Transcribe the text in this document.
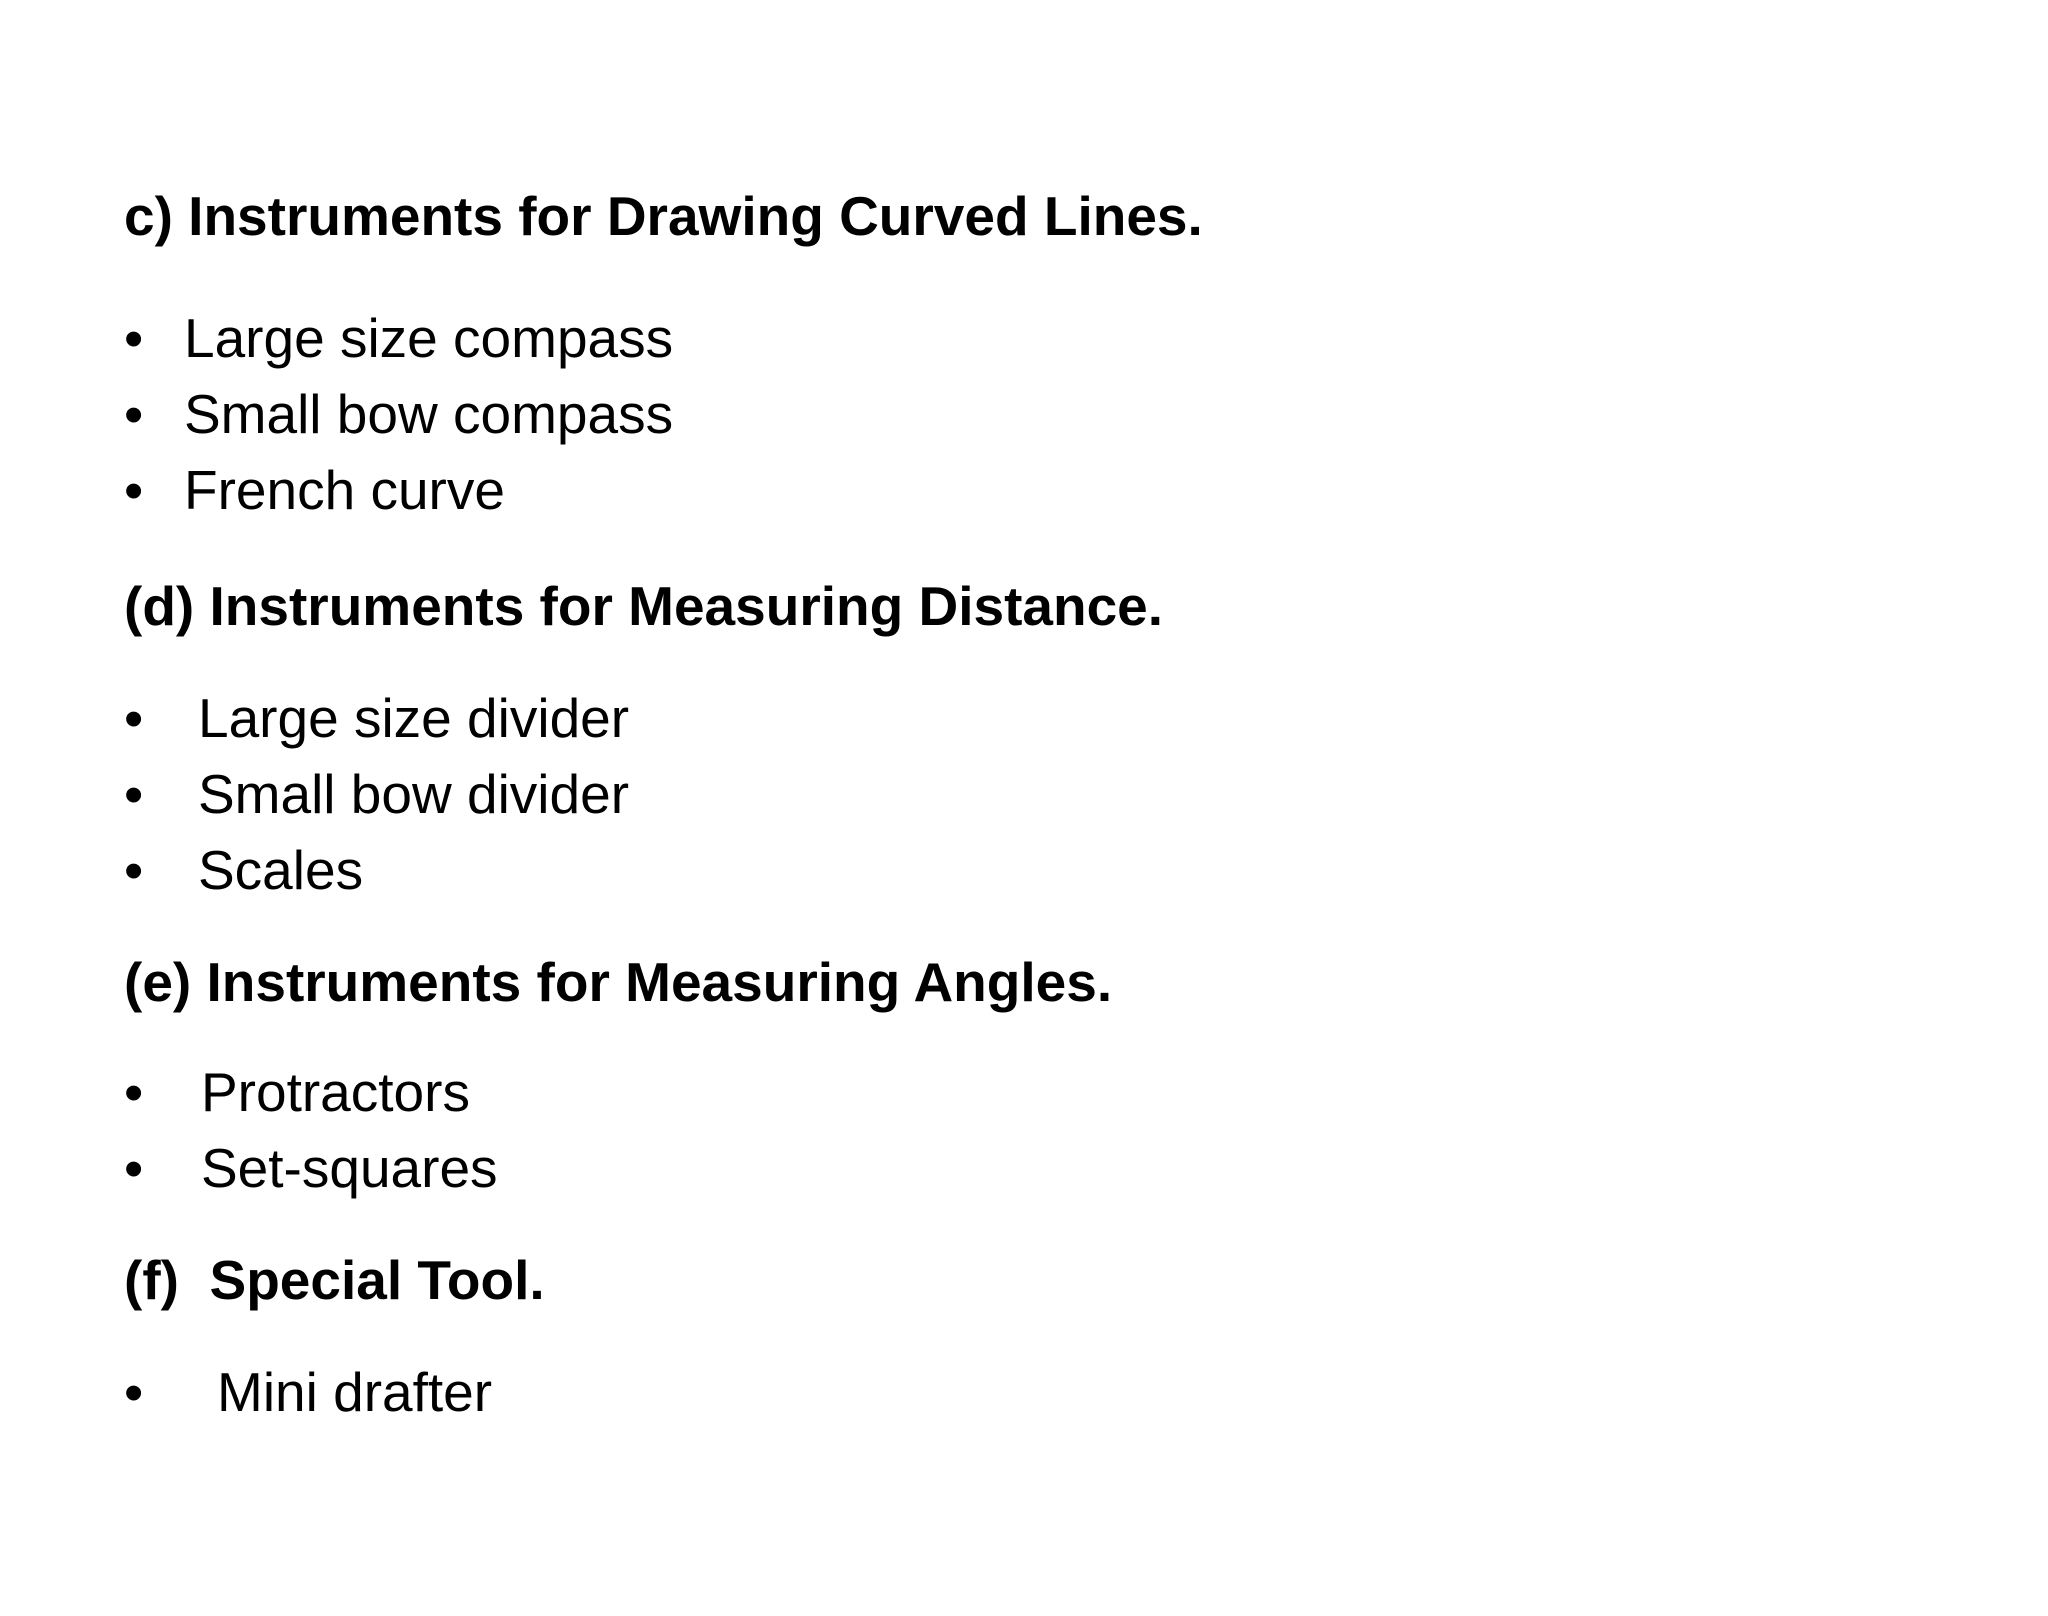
c) Instruments for Drawing Curved Lines.

•

Large size compass

•

Small bow compass

•

French curve

(d) Instruments for Measuring Distance.

•

Large size divider

•

Small bow divider

•

Scales

(e) Instruments for Measuring Angles.

•

Protractors

•

Set-squares

(f)  Special Tool.

•

Mini drafter
